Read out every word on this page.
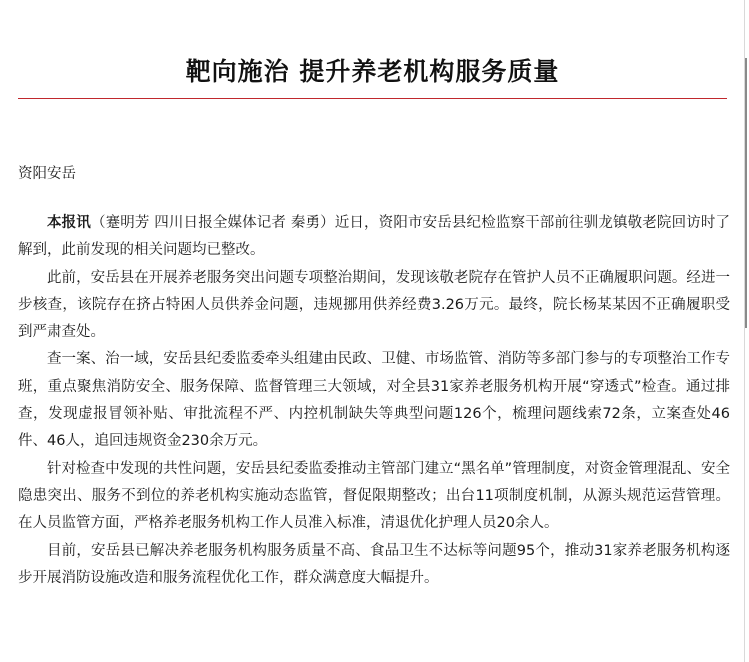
靶向施治 提升养老机构服务质量

资阳安岳

本报讯（蹇明芳 四川日报全媒体记者 秦勇）近日，资阳市安岳县纪检监察干部前往驯龙镇敬老院回访时了解到，此前发现的相关问题均已整改。

此前，安岳县在开展养老服务突出问题专项整治期间，发现该敬老院存在管护人员不正确履职问题。经进一步核查，该院存在挤占特困人员供养金问题，违规挪用供养经费3.26万元。最终，院长杨某某因不正确履职受到严肃查处。

查一案、治一域，安岳县纪委监委牵头组建由民政、卫健、市场监管、消防等多部门参与的专项整治工作专班，重点聚焦消防安全、服务保障、监督管理三大领域，对全县31家养老服务机构开展“穿透式”检查。通过排查，发现虚报冒领补贴、审批流程不严、内控机制缺失等典型问题126个，梳理问题线索72条，立案查处46件、46人，追回违规资金230余万元。

针对检查中发现的共性问题，安岳县纪委监委推动主管部门建立“黑名单”管理制度，对资金管理混乱、安全隐患突出、服务不到位的养老机构实施动态监管，督促限期整改；出台11项制度机制，从源头规范运营管理。在人员监管方面，严格养老服务机构工作人员准入标准，清退优化护理人员20余人。

目前，安岳县已解决养老服务机构服务质量不高、食品卫生不达标等问题95个，推动31家养老服务机构逐步开展消防设施改造和服务流程优化工作，群众满意度大幅提升。
